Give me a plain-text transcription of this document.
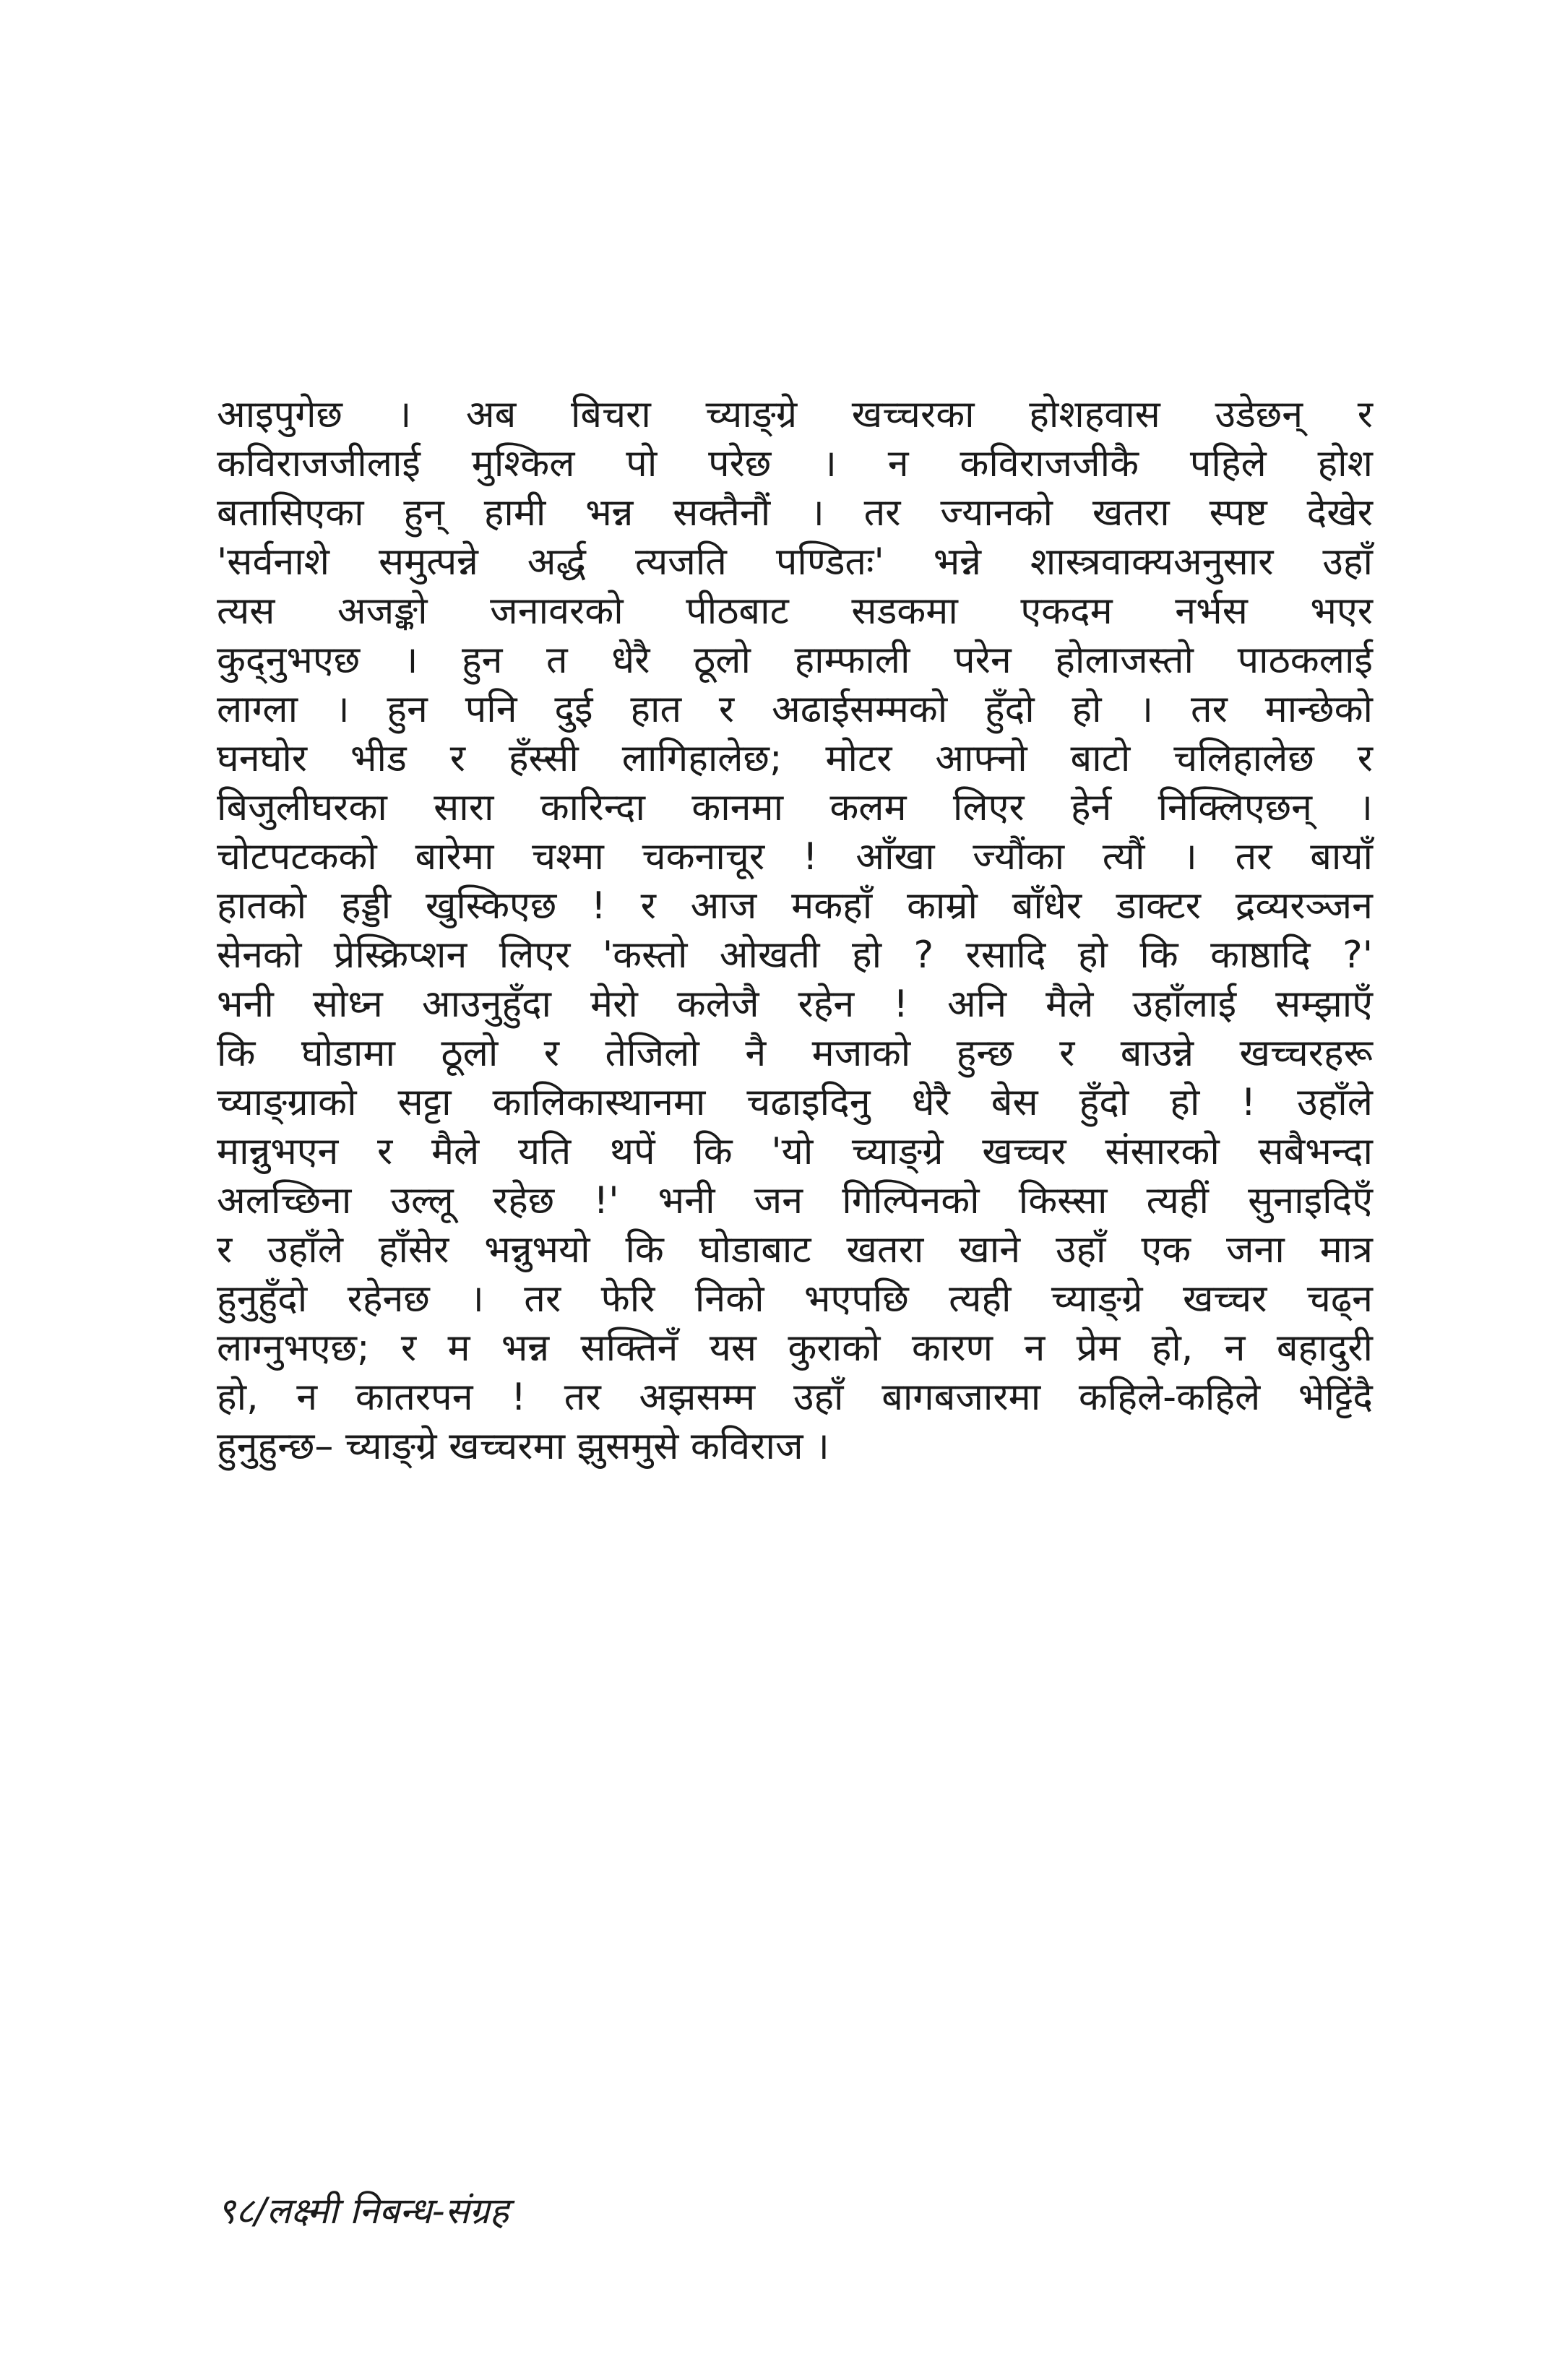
आइपुगेछ । अब बिचरा च्याङ्ग्रे खच्चरका होशहवास उडेछन् र
कविराजजीलाई मुश्किल पो परेछ । न कविराजजीकै पहिले होश
बतासिएका हुन् हामी भन्न सक्तैनौं । तर ज्यानको खतरा स्पष्ट देखेर
'सर्वनाशे समुत्पन्ने अर्द्ध त्यजति पण्डितः' भन्ने शास्त्रवाक्यअनुसार उहाँ
त्यस अजङ्को जनावरको पीठबाट सडकमा एकदम नर्भस भएर
कुद्नुभएछ । हुन त धेरै ठूलो हाम्फाली परेन होलाजस्तो पाठकलाई
लाग्ला । हुन पनि दुई हात र अढाईसम्मको हुँदो हो । तर मान्छेको
घनघोर भीड र हँस्सी लागिहालेछ; मोटर आफ्नो बाटो चलिहालेछ र
बिजुलीघरका सारा कारिन्दा कानमा कलम लिएर हेर्न निक्लिएछन् ।
चोटपटकको बारेमा चश्मा चकनाचूर ! आँखा ज्यौंका त्यौं । तर बायाँ
हातको हड्डी खुस्किएछ ! र आज मकहाँ काम्रो बाँधेर डाक्टर द्रव्यरञ्जन
सेनको प्रेस्क्रिप्शन लिएर 'कस्तो ओखती हो ? रसादि हो कि काष्ठादि ?'
भनी सोध्न आउनुहुँदा मेरो कलेजै रहेन ! अनि मैले उहाँलाई सम्झाएँ
कि घोडामा ठूलो र तेजिलो नै मजाको हुन्छ र बाउन्ने खच्चरहरू
च्याङ्ग्राको सट्टा कालिकास्थानमा चढाइदिनु धेरै बेस हुँदो हो ! उहाँले
मान्नुभएन र मैले यति थपें कि 'यो च्याङ्ग्रे खच्चर संसारको सबैभन्दा
अलच्छिना उल्लू रहेछ !' भनी जन गिल्पिनको किस्सा त्यहीं सुनाइदिएँ
र उहाँले हाँसेर भन्नुभयो कि घोडाबाट खतरा खाने उहाँ एक जना मात्र
हुनुहुँदो रहेनछ । तर फेरि निको भएपछि त्यही च्याङ्ग्रे खच्चर चढ्न
लाग्नुभएछ; र म भन्न सक्तिनँ यस कुराको कारण न प्रेम हो, न बहादुरी
हो, न कातरपन ! तर अझसम्म उहाँ बागबजारमा कहिले-कहिले भेट्टिंदै
हुनुहुन्छ– च्याङ्ग्रे खच्चरमा झुसमुसे कविराज ।
९८/लक्ष्मी निबन्ध-संग्रह
